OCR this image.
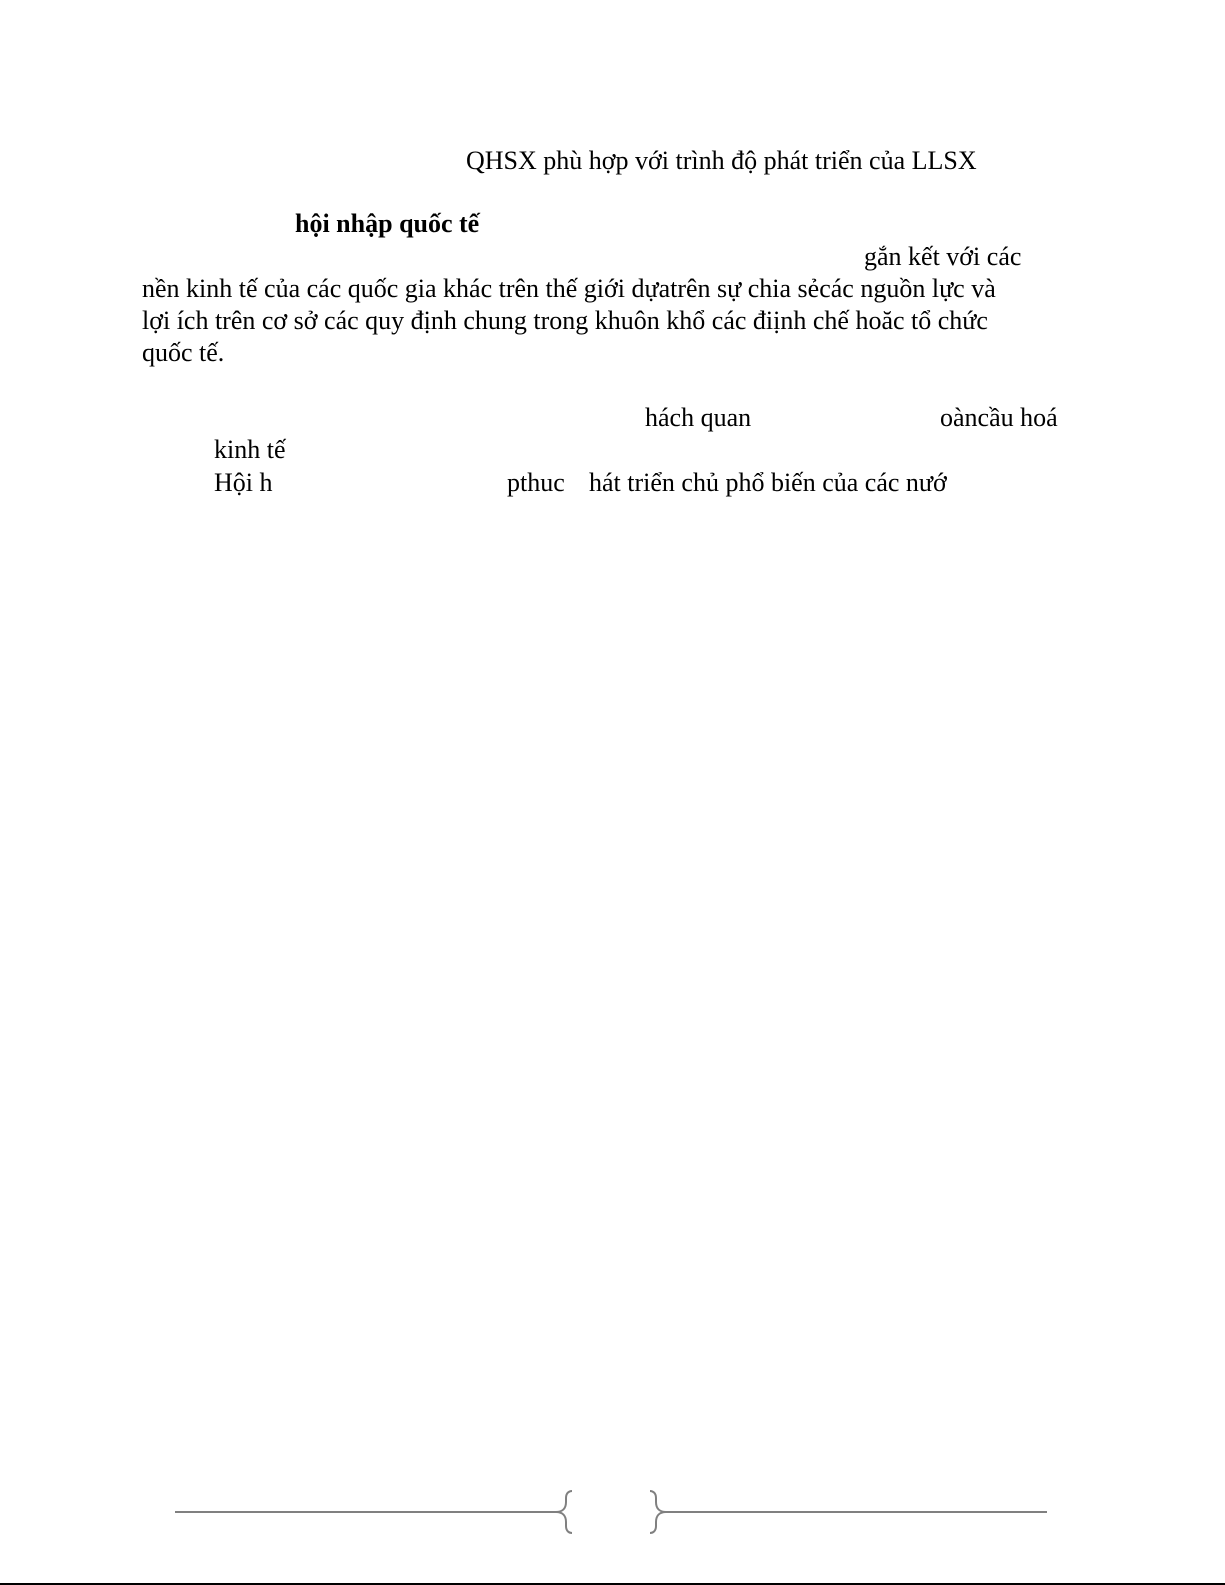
QHSX phù hợp với trình độ phát triển của LLSX
hội nhập quốc tế
gắn kết với các
nền kinh tế của các quốc gia khác trên thế giới dựatrên sự chia sẻcác nguồn lực và
lợi ích trên cơ sở các quy định chung trong khuôn khổ các điịnh chế hoăc tổ chức
quốc tế.
hách quan	oàncầu hoá
kinh tế
Hội h	pthuc hát triển chủ phổ biến của các nướ
